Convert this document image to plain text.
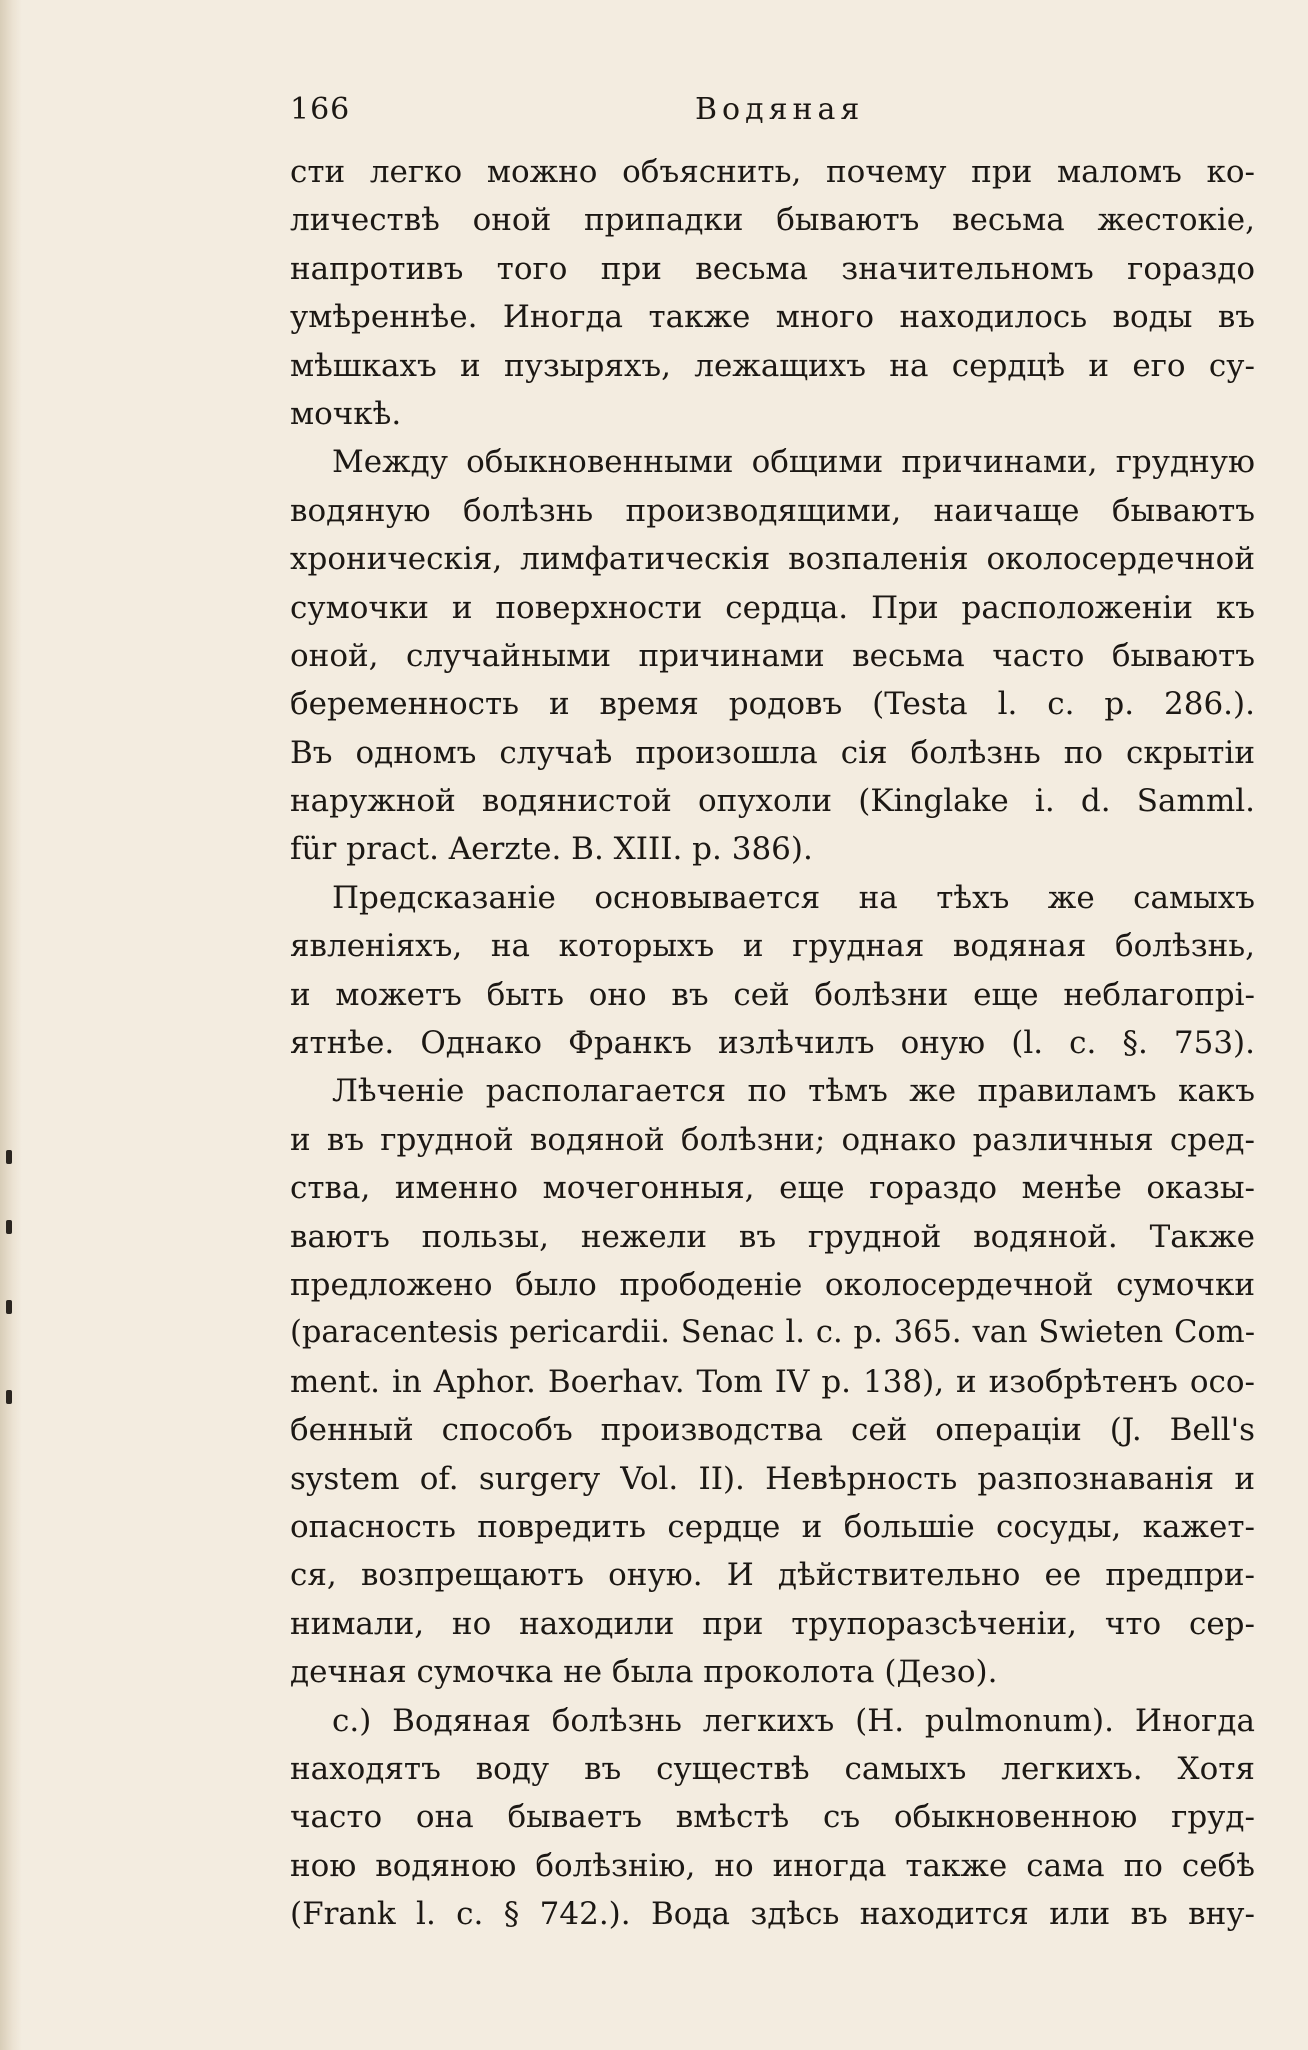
166	Водяная
сти легко можно объяснить, почему при маломъ ко-
личествѣ оной припадки бываютъ весьма жестокіе,
напротивъ того при весьма значительномъ гораздо
умѣреннѣе. Иногда также много находилось воды въ
мѣшкахъ и пузыряхъ, лежащихъ на сердцѣ и его су-
мочкѣ.
Между обыкновенными общими причинами, грудную
водяную болѣзнь производящими, наичаще бываютъ
хроническія, лимфатическія возпаленія околосердечной
сумочки и поверхности сердца. При расположеніи къ
оной, случайными причинами весьма часто бываютъ
беременность и время родовъ (Testa l. c. p. 286.).
Въ одномъ случаѣ произошла сія болѣзнь по скрытіи
наружной водянистой опухоли (Kinglake i. d. Samml.
für pract. Aerzte. B. XIII. p. 386).
Предсказаніе основывается на тѣхъ же самыхъ
явленіяхъ, на которыхъ и грудная водяная болѣзнь,
и можетъ быть оно въ сей болѣзни еще неблагопрі-
ятнѣе. Однако Франкъ излѣчилъ оную (l. c. §. 753).
Лѣченіе располагается по тѣмъ же правиламъ какъ
и въ грудной водяной болѣзни; однако различныя сред-
ства, именно мочегонныя, еще гораздо менѣе оказы-
ваютъ пользы, нежели въ грудной водяной. Также
предложено было прободеніе околосердечной сумочки
(paracentesis pericardii. Senac l. c. p. 365. van Swieten Com-
ment. in Aphor. Boerhav. Tom IV p. 138), и изобрѣтенъ осо-
бенный способъ производства сей операціи (J. Bell's
system of. surgery Vol. II). Невѣрность разпознаванія и
опасность повредить сердце и большіе сосуды, кажет-
ся, возпрещаютъ оную. И дѣйствительно ее предпри-
нимали, но находили при трупоразсѣченіи, что сер-
дечная сумочка не была проколота (Дезо).
c.) Водяная болѣзнь легкихъ (H. pulmonum). Иногда
находятъ воду въ существѣ самыхъ легкихъ. Хотя
часто она бываетъ вмѣстѣ съ обыкновенною груд-
ною водяною болѣзнію, но иногда также сама по себѣ
(Frank l. c. § 742.). Вода здѣсь находится или въ вну-
